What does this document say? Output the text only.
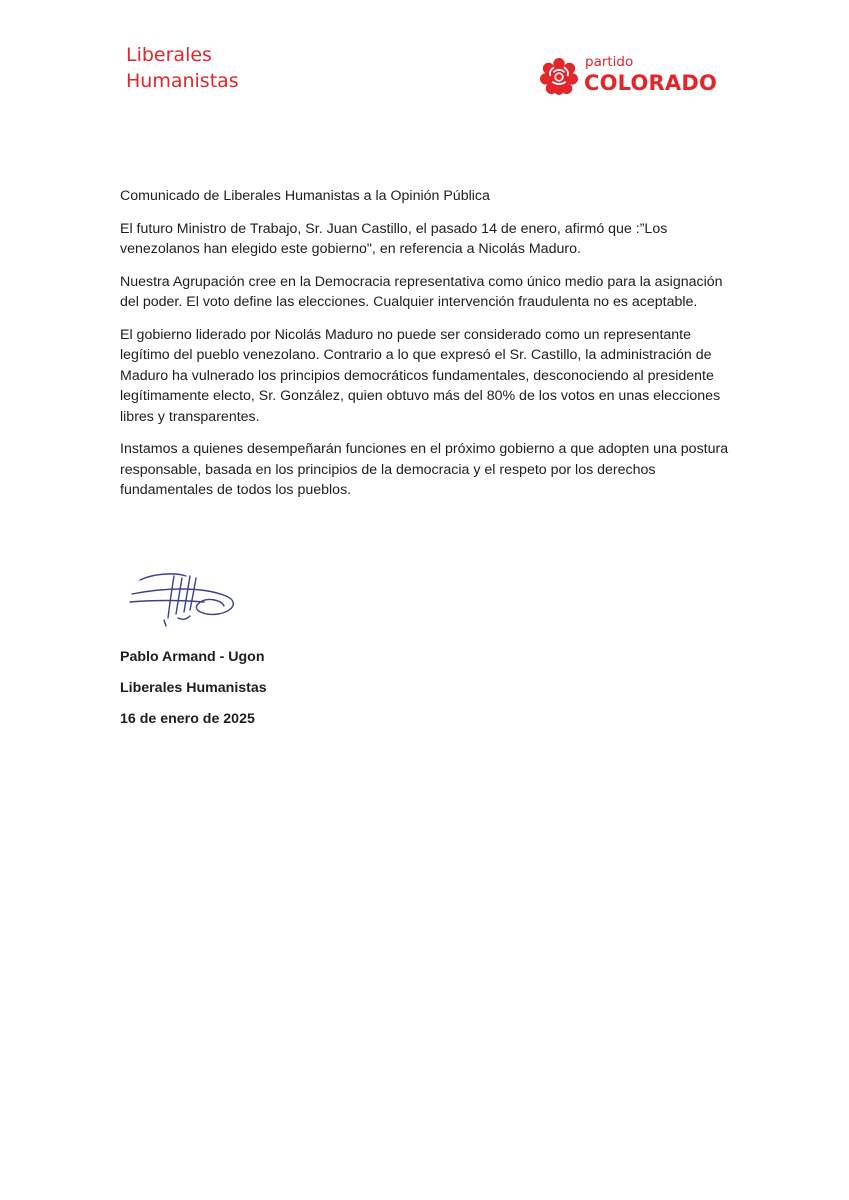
Liberales
Humanistas
partido
COLORADO

Comunicado de Liberales Humanistas a la Opinión Pública

El futuro Ministro de Trabajo, Sr. Juan Castillo, el pasado 14 de enero, afirmó que :”Los venezolanos han elegido este gobierno", en referencia a Nicolás Maduro.

Nuestra Agrupación cree en la Democracia representativa como único medio para la asignación del poder. El voto define las elecciones. Cualquier intervención fraudulenta no es aceptable.

El gobierno liderado por Nicolás Maduro no puede ser considerado como un representante legítimo del pueblo venezolano. Contrario a lo que expresó el Sr. Castillo, la administración de Maduro ha vulnerado los principios democráticos fundamentales, desconociendo al presidente legítimamente electo, Sr. González, quien obtuvo más del 80% de los votos en unas elecciones libres y transparentes.

Instamos a quienes desempeñarán funciones en el próximo gobierno a que adopten una postura responsable, basada en los principios de la democracia y el respeto por los derechos fundamentales de todos los pueblos.

Pablo Armand - Ugon
Liberales Humanistas
16 de enero de 2025
